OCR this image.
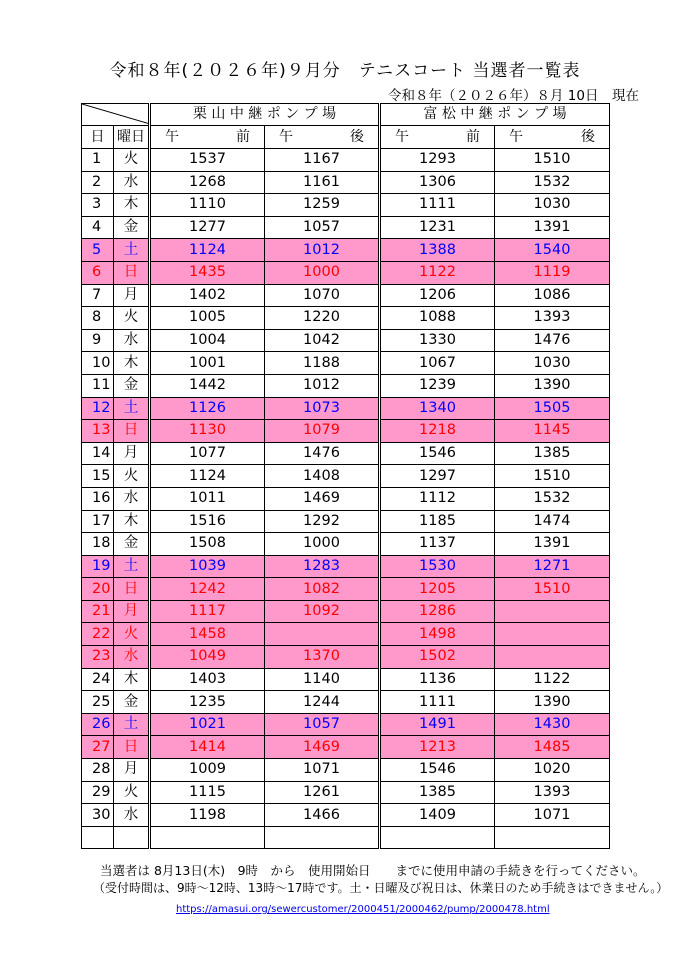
令和８年(２０２６年)９月分　テニスコート 当選者一覧表
令和８年（２０２６年）８月 10日　現在
	栗 山 中 継 ポ ン プ 場		富 松 中 継 ポ ン プ 場	
日	曜日	午 前	午 後	午 前	午 後

1	火	1537	1167	1293	1510
2	水	1268	1161	1306	1532
3	木	1110	1259	1111	1030
4	金	1277	1057	1231	1391
5	土	1124	1012	1388	1540
6	日	1435	1000	1122	1119
7	月	1402	1070	1206	1086
8	火	1005	1220	1088	1393
9	水	1004	1042	1330	1476
10	木	1001	1188	1067	1030
11	金	1442	1012	1239	1390
12	土	1126	1073	1340	1505
13	日	1130	1079	1218	1145
14	月	1077	1476	1546	1385
15	火	1124	1408	1297	1510
16	水	1011	1469	1112	1532
17	木	1516	1292	1185	1474
18	金	1508	1000	1137	1391
19	土	1039	1283	1530	1271
20	日	1242	1082	1205	1510
21	月	1117	1092	1286	
22	火	1458		1498	
23	水	1049	1370	1502	
24	木	1403	1140	1136	1122
25	金	1235	1244	1111	1390
26	土	1021	1057	1491	1430
27	日	1414	1469	1213	1485
28	月	1009	1071	1546	1020
29	火	1115	1261	1385	1393
30	水	1198	1466	1409	1071

当選者は 8月13日(木)　9時　から　使用開始日　　までに使用申請の手続きを行ってください。
（受付時間は、9時～12時、13時～17時です。土・日曜及び祝日は、休業日のため手続きはできません。）
https://amasui.org/sewercustomer/2000451/2000462/pump/2000478.html
